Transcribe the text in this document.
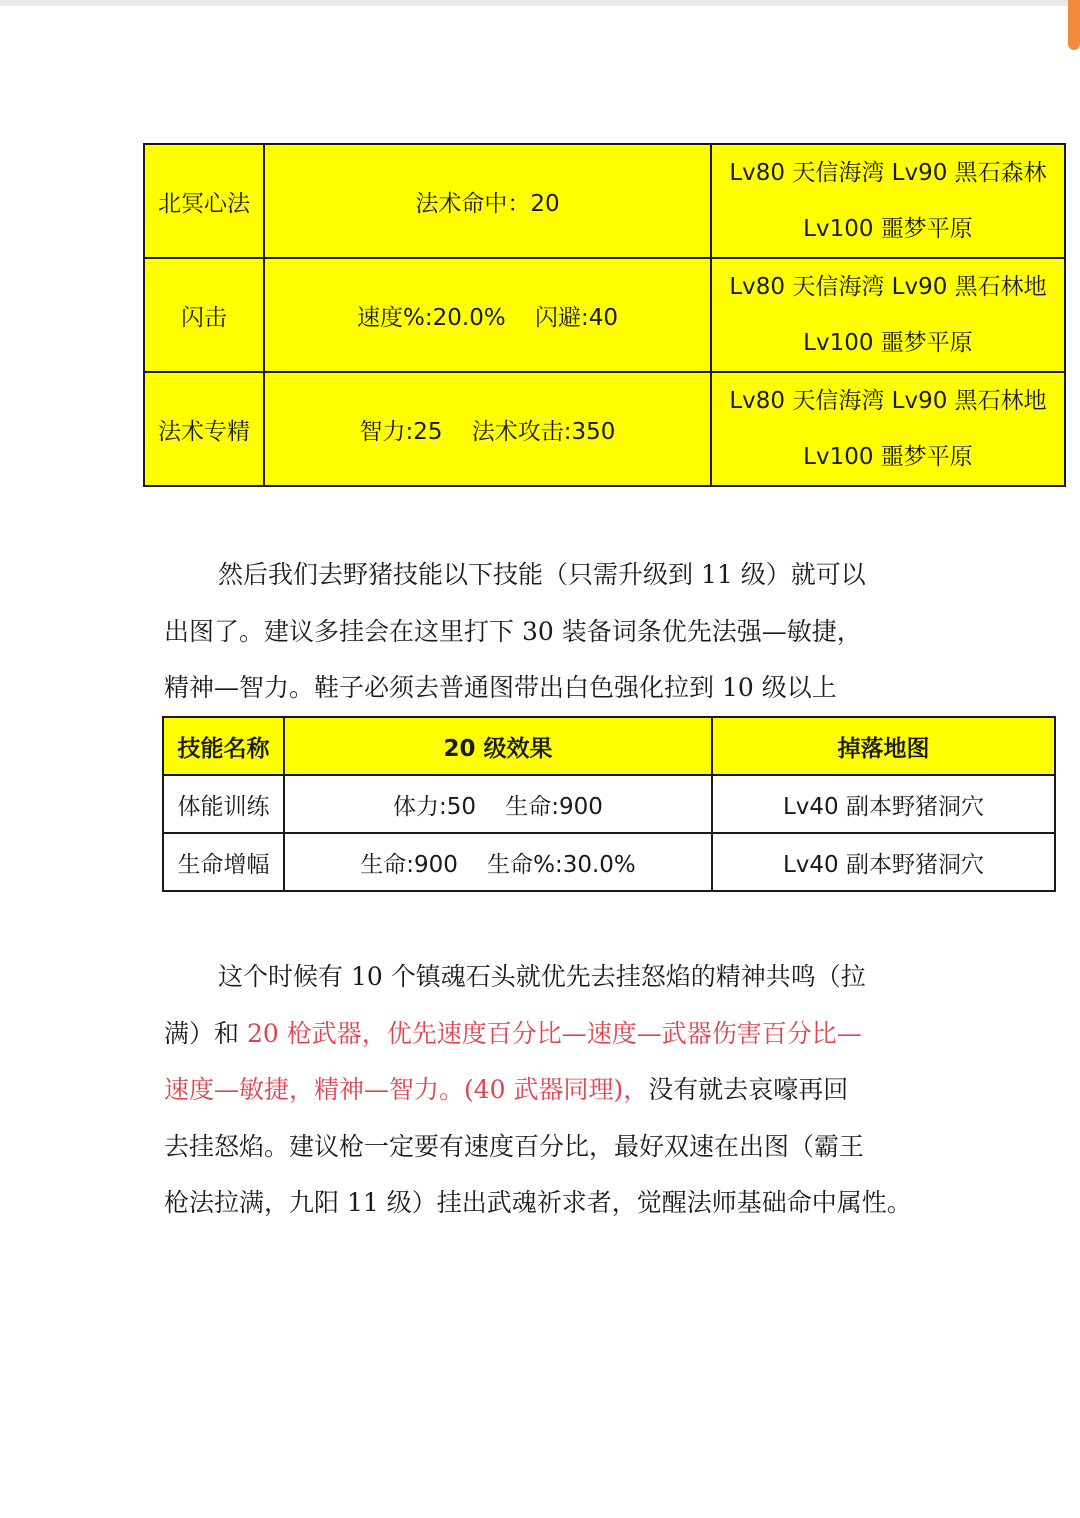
北冥心法	法术命中：20	Lv80 天信海湾 Lv90 黑石森林
Lv100 噩梦平原

闪击	速度%:20.0%    闪避:40	Lv80 天信海湾 Lv90 黑石林地
Lv100 噩梦平原

法术专精	智力:25    法术攻击:350	Lv80 天信海湾 Lv90 黑石林地
Lv100 噩梦平原
然后我们去野猪技能以下技能（只需升级到 11 级）就可以
出图了。建议多挂会在这里打下 30 装备词条优先法强—敏捷，
精神—智力。鞋子必须去普通图带出白色强化拉到 10 级以上
技能名称	20 级效果	掉落地图
体能训练	体力:50    生命:900	Lv40 副本野猪洞穴
生命增幅	生命:900    生命%:30.0%	Lv40 副本野猪洞穴
这个时候有 10 个镇魂石头就优先去挂怒焰的精神共鸣（拉
满）和 20 枪武器，优先速度百分比—速度—武器伤害百分比—
速度—敏捷，精神—智力。(40 武器同理)，没有就去哀嚎再回
去挂怒焰。建议枪一定要有速度百分比，最好双速在出图（霸王
枪法拉满，九阳 11 级）挂出武魂祈求者，觉醒法师基础命中属性。
